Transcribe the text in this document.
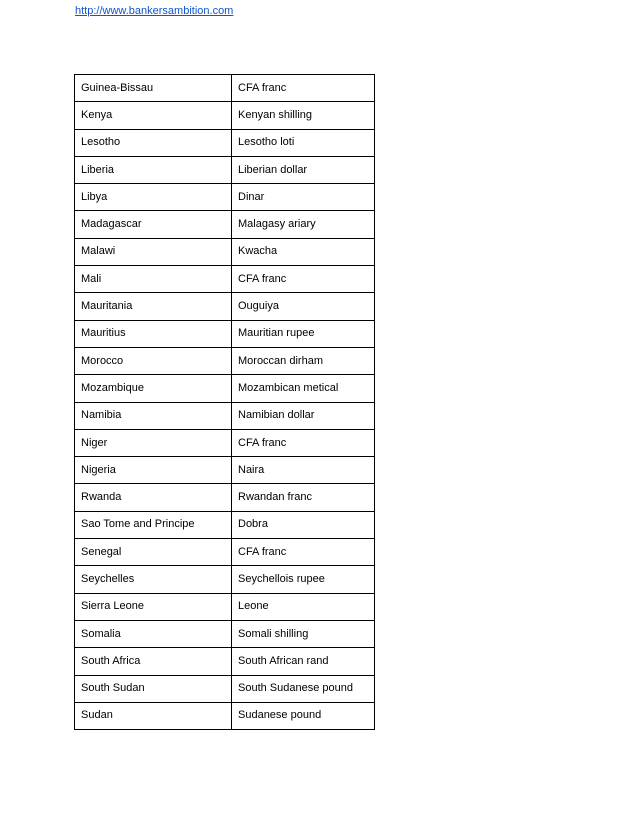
http://www.bankersambition.com
Guinea-Bissau	CFA franc
Kenya	Kenyan shilling
Lesotho	Lesotho loti
Liberia	Liberian dollar
Libya	Dinar
Madagascar	Malagasy ariary
Malawi	Kwacha
Mali	CFA franc
Mauritania	Ouguiya
Mauritius	Mauritian rupee
Morocco	Moroccan dirham
Mozambique	Mozambican metical
Namibia	Namibian dollar
Niger	CFA franc
Nigeria	Naira
Rwanda	Rwandan franc
Sao Tome and Principe	Dobra
Senegal	CFA franc
Seychelles	Seychellois rupee
Sierra Leone	Leone
Somalia	Somali shilling
South Africa	South African rand
South Sudan	South Sudanese pound
Sudan	Sudanese pound
